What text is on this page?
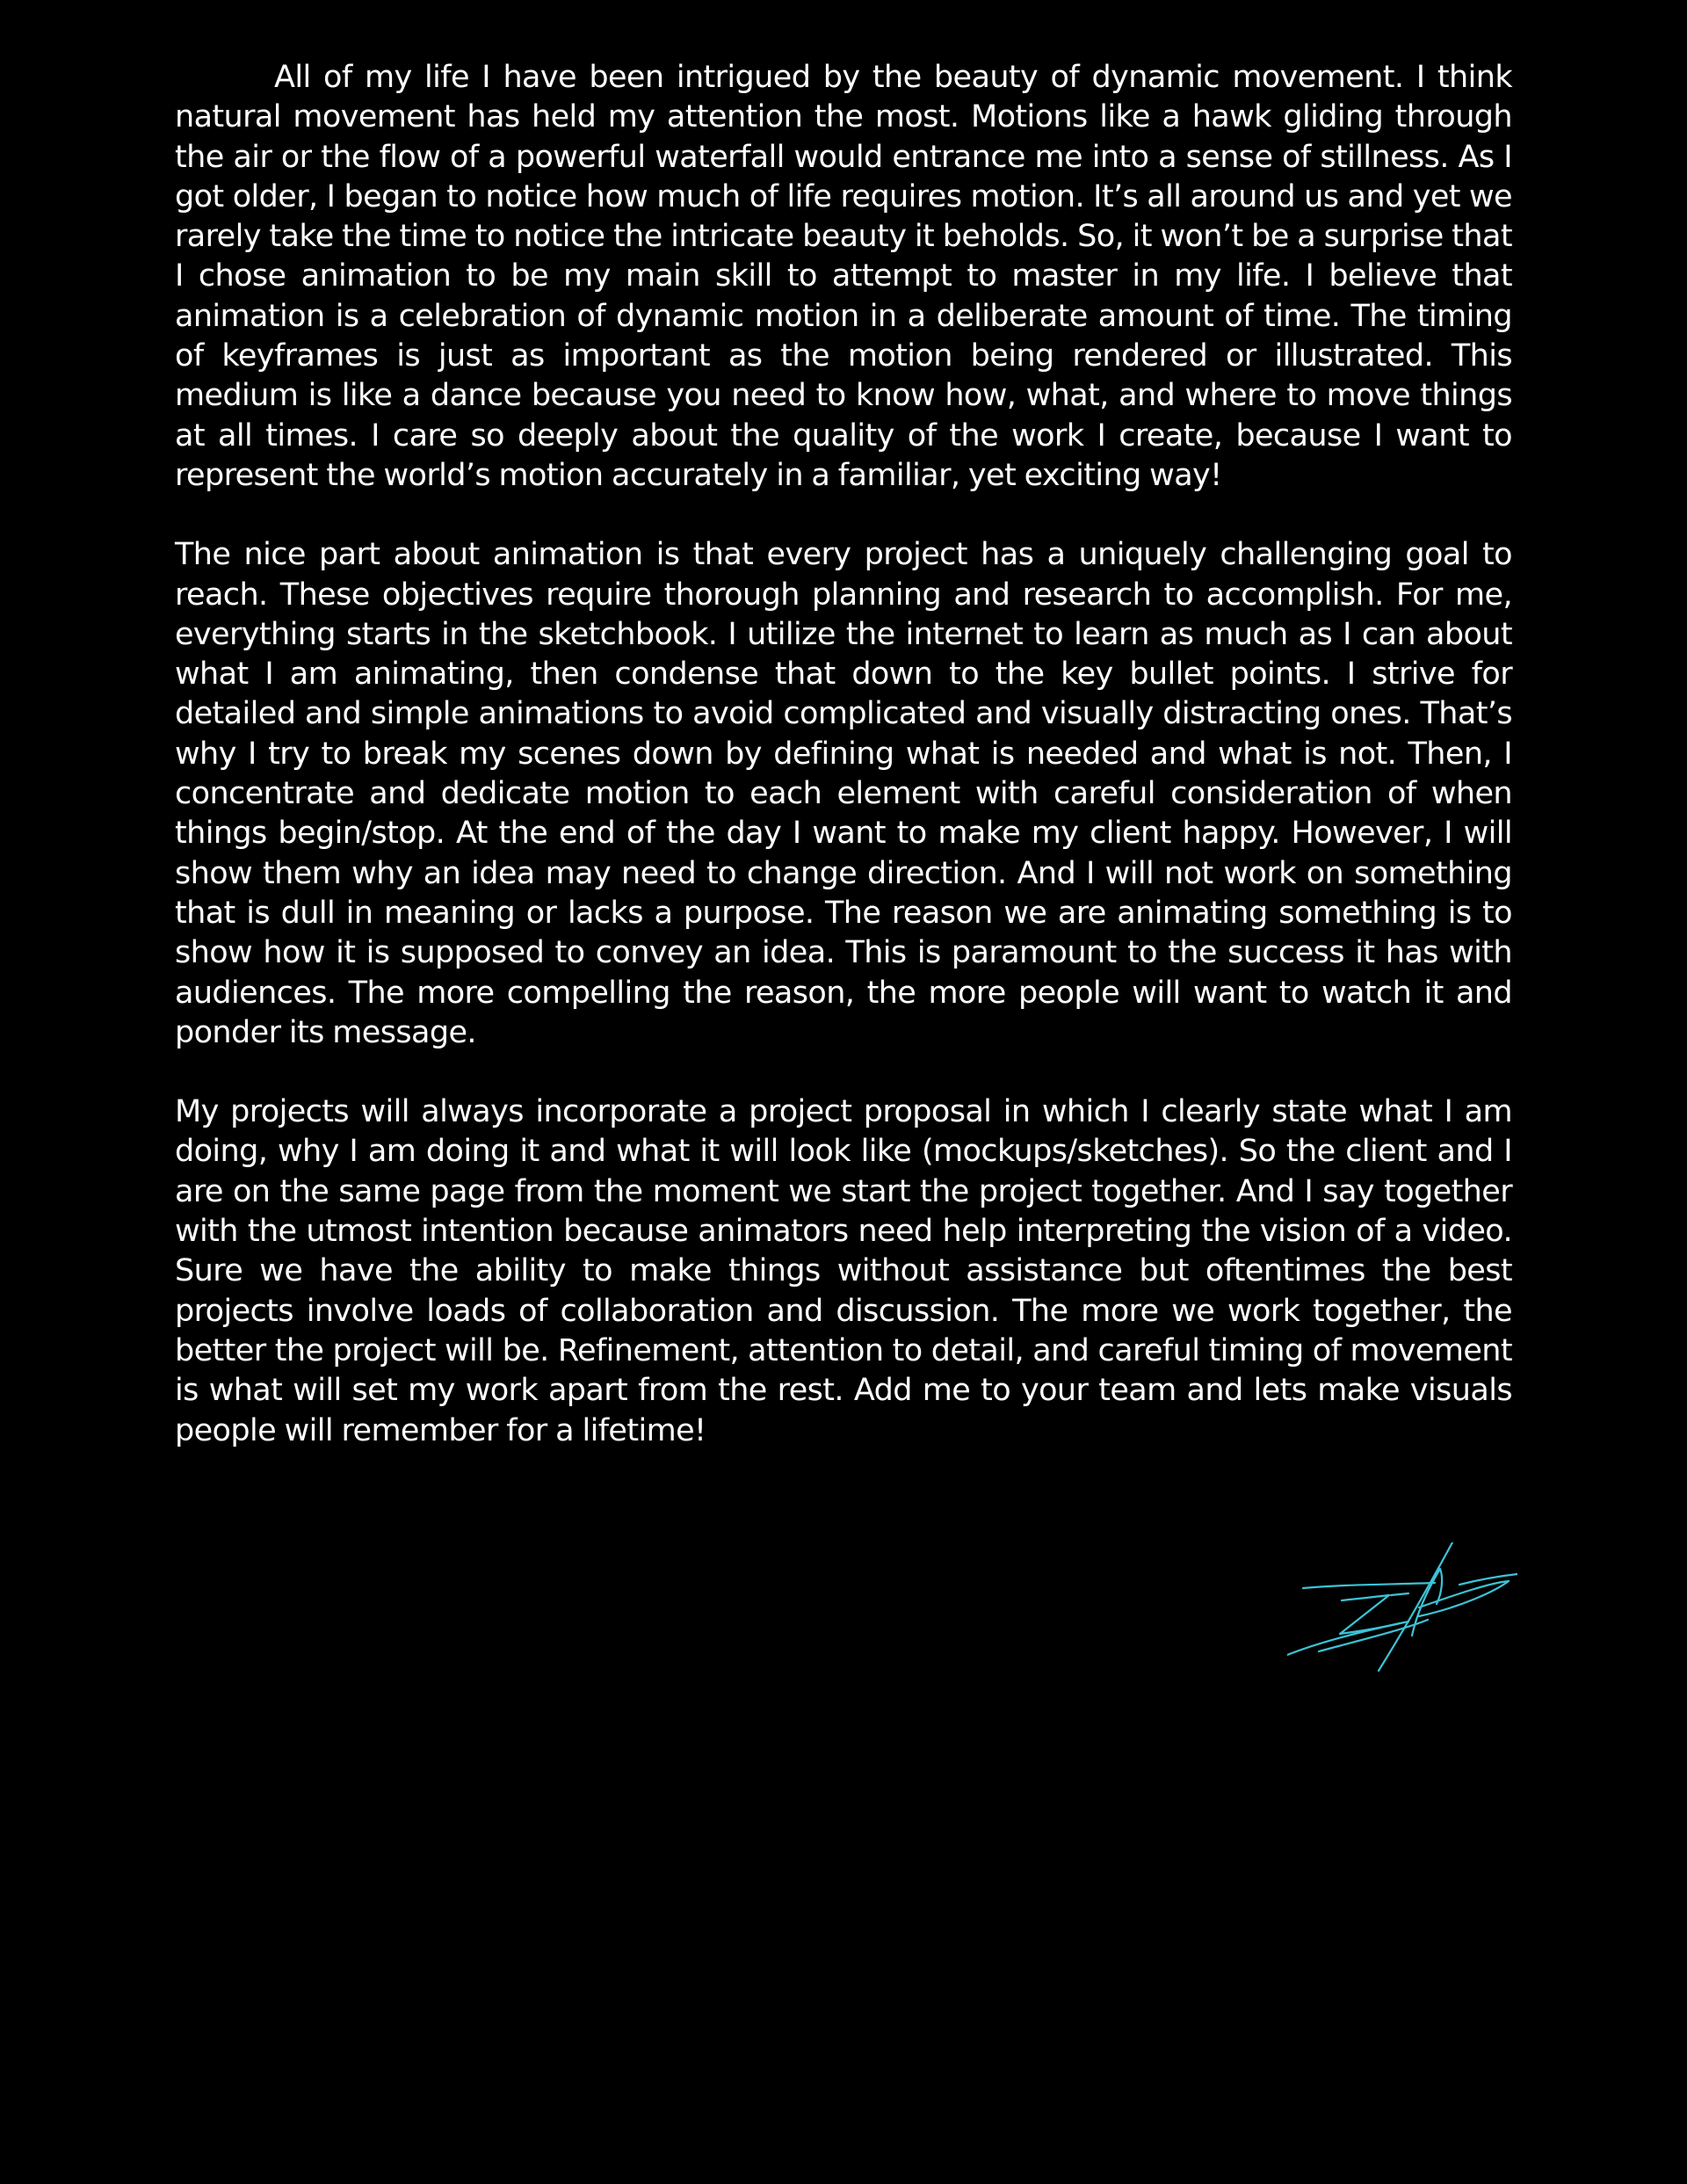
All of my life I have been intrigued by the beauty of dynamic movement. I think natural movement has held my attention the most. Motions like a hawk gliding through the air or the flow of a powerful waterfall would entrance me into a sense of stillness. As I got older, I began to notice how much of life requires motion. It’s all around us and yet we rarely take the time to notice the intricate beauty it beholds. So, it won’t be a surprise that I chose animation to be my main skill to attempt to master in my life. I believe that animation is a celebration of dynamic motion in a deliberate amount of time. The timing of keyframes is just as important as the motion being rendered or illustrated. This medium is like a dance because you need to know how, what, and where to move things at all times. I care so deeply about the quality of the work I create, because I want to represent the world’s motion accurately in a familiar, yet exciting way!

The nice part about animation is that every project has a uniquely challenging goal to reach. These objectives require thorough planning and research to accomplish. For me, everything starts in the sketchbook. I utilize the internet to learn as much as I can about what I am animating, then condense that down to the key bullet points. I strive for detailed and simple animations to avoid complicated and visually distracting ones. That’s why I try to break my scenes down by defining what is needed and what is not. Then, I concentrate and dedicate motion to each element with careful consideration of when things begin/stop. At the end of the day I want to make my client happy. However, I will show them why an idea may need to change direction. And I will not work on something that is dull in meaning or lacks a purpose. The reason we are animating something is to show how it is supposed to convey an idea. This is paramount to the success it has with audiences. The more compelling the reason, the more people will want to watch it and ponder its message.

My projects will always incorporate a project proposal in which I clearly state what I am doing, why I am doing it and what it will look like (mockups/sketches). So the client and I are on the same page from the moment we start the project together. And I say together with the utmost intention because animators need help interpreting the vision of a video. Sure we have the ability to make things without assistance but oftentimes the best projects involve loads of collaboration and discussion. The more we work together, the better the project will be. Refinement, attention to detail, and careful timing of movement is what will set my work apart from the rest. Add me to your team and lets make visuals people will remember for a lifetime!
